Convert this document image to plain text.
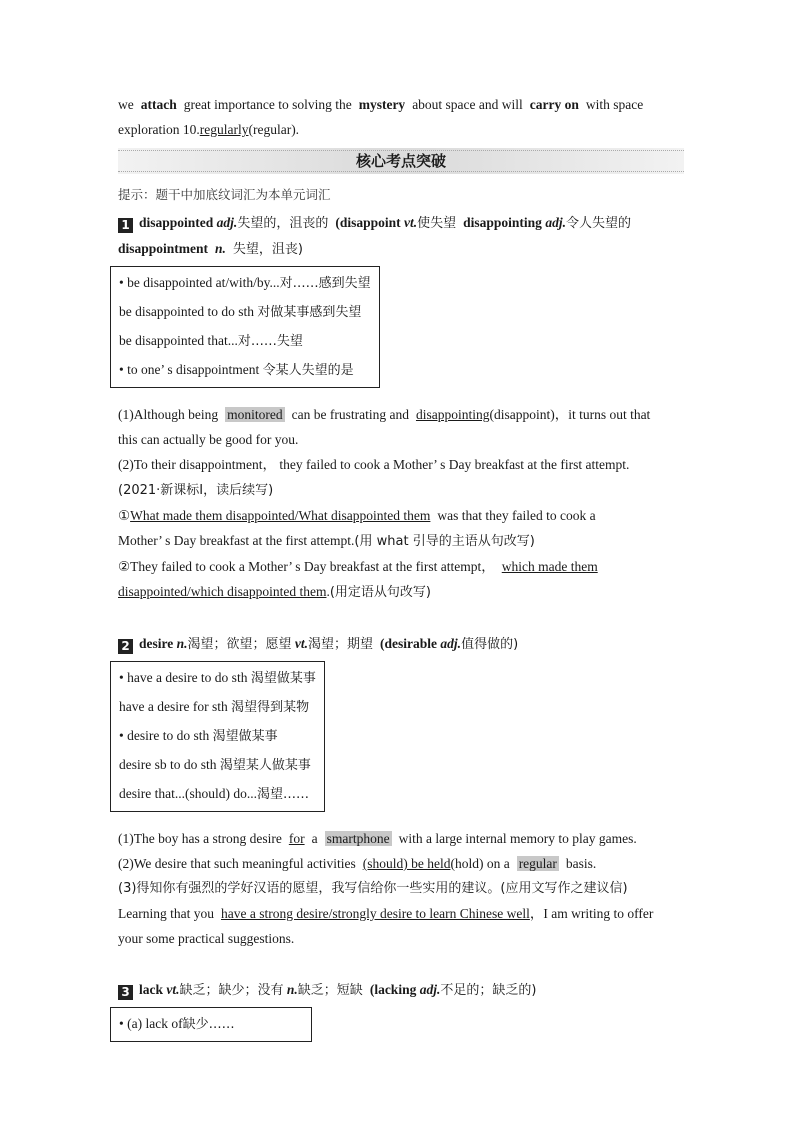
we attach great importance to solving the mystery about space and will carry on with space
exploration 10.regularly(regular).

核心考点突破
提示：题干中加底纹词汇为本单元词汇

1 disappointed adj.失望的，沮丧的 (disappoint vt.使失望 disappointing adj.令人失望的
disappointment n. 失望，沮丧)

• be disappointed at/with/by...对……感到失望
be disappointed to do sth 对做某事感到失望
be disappointed that...对……失望
• to one’ s disappointment 令某人失望的是

(1)Although being monitored can be frustrating and disappointing(disappoint)，it turns out that
this can actually be good for you.

(2)To their disappointment， they failed to cook a Mother’ s Day breakfast at the first attempt.
(2021·新课标Ⅰ，读后续写)

①What made them disappointed/What disappointed them was that they failed to cook a
Mother’ s Day breakfast at the first attempt.(用 what 引导的主语从句改写)

②They failed to cook a Mother’ s Day breakfast at the first attempt， which made them
disappointed/which disappointed them.(用定语从句改写)

2 desire n.渴望；欲望；愿望 vt.渴望；期望 (desirable adj.值得做的)

• have a desire to do sth 渴望做某事
have a desire for sth 渴望得到某物
• desire to do sth 渴望做某事
desire sb to do sth 渴望某人做某事
desire that...(should) do...渴望……

(1)The boy has a strong desire for a smartphone with a large internal memory to play games.

(2)We desire that such meaningful activities (should) be held(hold) on a regular basis.

(3)得知你有强烈的学好汉语的愿望，我写信给你一些实用的建议。(应用文写作之建议信)

Learning that you have a strong desire/strongly desire to learn Chinese well，I am writing to offer
your some practical suggestions.

3 lack vt.缺乏；缺少；没有 n.缺乏；短缺 (lacking adj.不足的；缺乏的)

• (a) lack of缺少……
